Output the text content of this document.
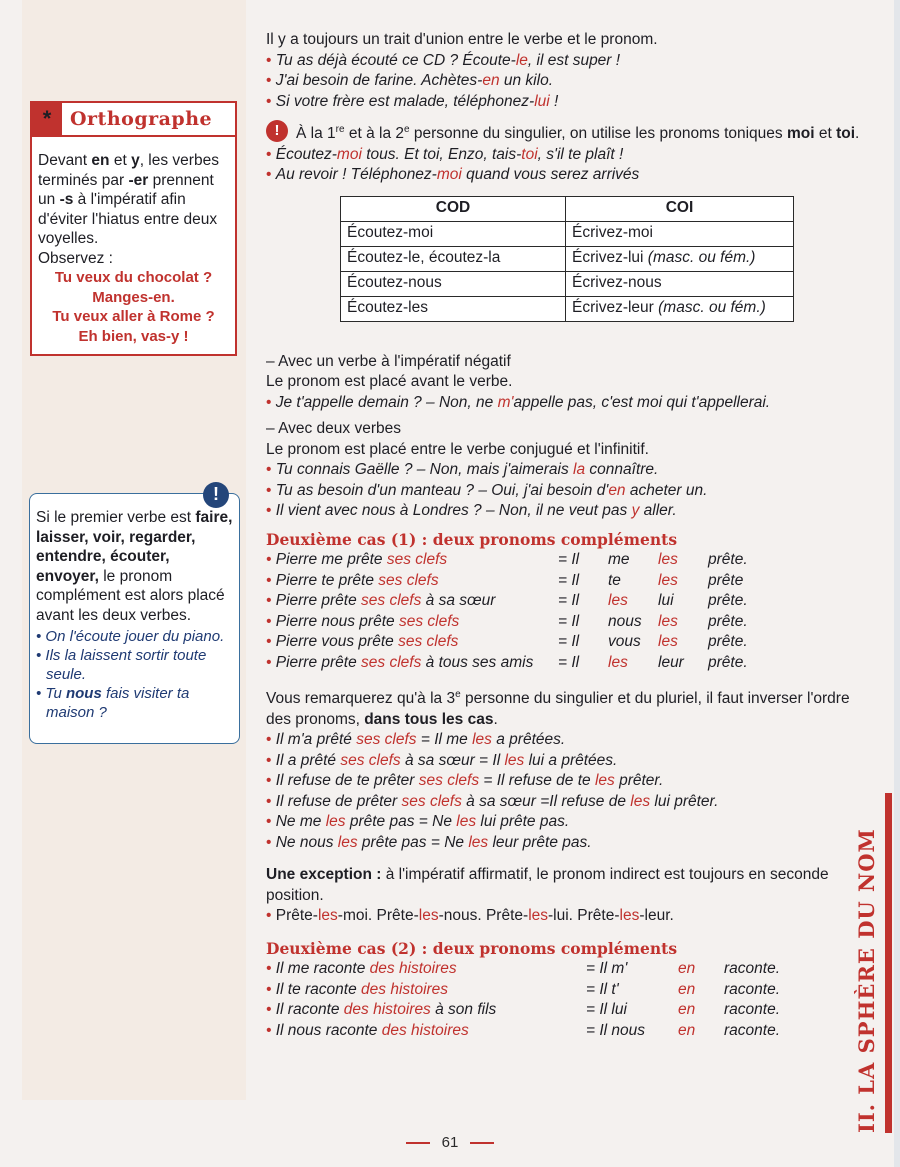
* Orthographe
Devant en et y, les verbes terminés par -er prennent un -s à l'impératif afin d'éviter l'hiatus entre deux voyelles.
Observez :
Tu veux du chocolat ?
Manges-en.
Tu veux aller à Rome ?
Eh bien, vas-y !
!
Si le premier verbe est faire, laisser, voir, regarder, entendre, écouter, envoyer, le pronom complément est alors placé avant les deux verbes.
• On l'écoute jouer du piano.
• Ils la laissent sortir toute seule.
• Tu nous fais visiter ta maison ?

Il y a toujours un trait d'union entre le verbe et le pronom.

• Tu as déjà écouté ce CD ? Écoute-le, il est super !

• J'ai besoin de farine. Achètes-en un kilo.

• Si votre frère est malade, téléphonez-lui !

!	À la 1re et à la 2e personne du singulier, on utilise les pronoms toniques moi et toi.

• Écoutez-moi tous. Et toi, Enzo, tais-toi, s'il te plaît !

• Au revoir ! Téléphonez-moi quand vous serez arrivés

COD	COI
Écoutez-moi	Écrivez-moi
Écoutez-le, écoutez-la	Écrivez-lui (masc. ou fém.)
Écoutez-nous	Écrivez-nous
Écoutez-les	Écrivez-leur (masc. ou fém.)

– Avec un verbe à l'impératif négatif

Le pronom est placé avant le verbe.

• Je t'appelle demain ? – Non, ne m'appelle pas, c'est moi qui t'appellerai.

– Avec deux verbes

Le pronom est placé entre le verbe conjugué et l'infinitif.

• Tu connais Gaëlle ? – Non, mais j'aimerais la connaître.

• Tu as besoin d'un manteau ? – Oui, j'ai besoin d'en acheter un.

• Il vient avec nous à Londres ? – Non, il ne veut pas y aller.

Deuxième cas (1) : deux pronoms compléments

• Pierre me prête ses clefs	= Il	me	les	prête.
• Pierre te prête ses clefs	= Il	te	les	prête
• Pierre prête ses clefs à sa sœur	= Il	les	lui	prête.
• Pierre nous prête ses clefs	= Il	nous	les	prête.
• Pierre vous prête ses clefs	= Il	vous	les	prête.
• Pierre prête ses clefs à tous ses amis	= Il	les	leur	prête.

Vous remarquerez qu'à la 3e personne du singulier et du pluriel, il faut inverser l'ordre des pronoms, dans tous les cas.

• Il m'a prêté ses clefs = Il me les a prêtées.

• Il a prêté ses clefs à sa sœur = Il les lui a prêtées.

• Il refuse de te prêter ses clefs = Il refuse de te les prêter.

• Il refuse de prêter ses clefs à sa sœur =Il refuse de les lui prêter.

• Ne me les prête pas = Ne les lui prête pas.

• Ne nous les prête pas = Ne les leur prête pas.

Une exception : à l'impératif affirmatif, le pronom indirect est toujours en seconde position.

• Prête-les-moi. Prête-les-nous. Prête-les-lui. Prête-les-leur.

Deuxième cas (2) : deux pronoms compléments

• Il me raconte des histoires	= Il m'	en	raconte.
• Il te raconte des histoires	= Il t'	en	raconte.
• Il raconte des histoires à son fils	= Il lui	en	raconte.
• Il nous raconte des histoires	= Il nous	en	raconte.	II. LA SPHÈRE DU NOM
61
